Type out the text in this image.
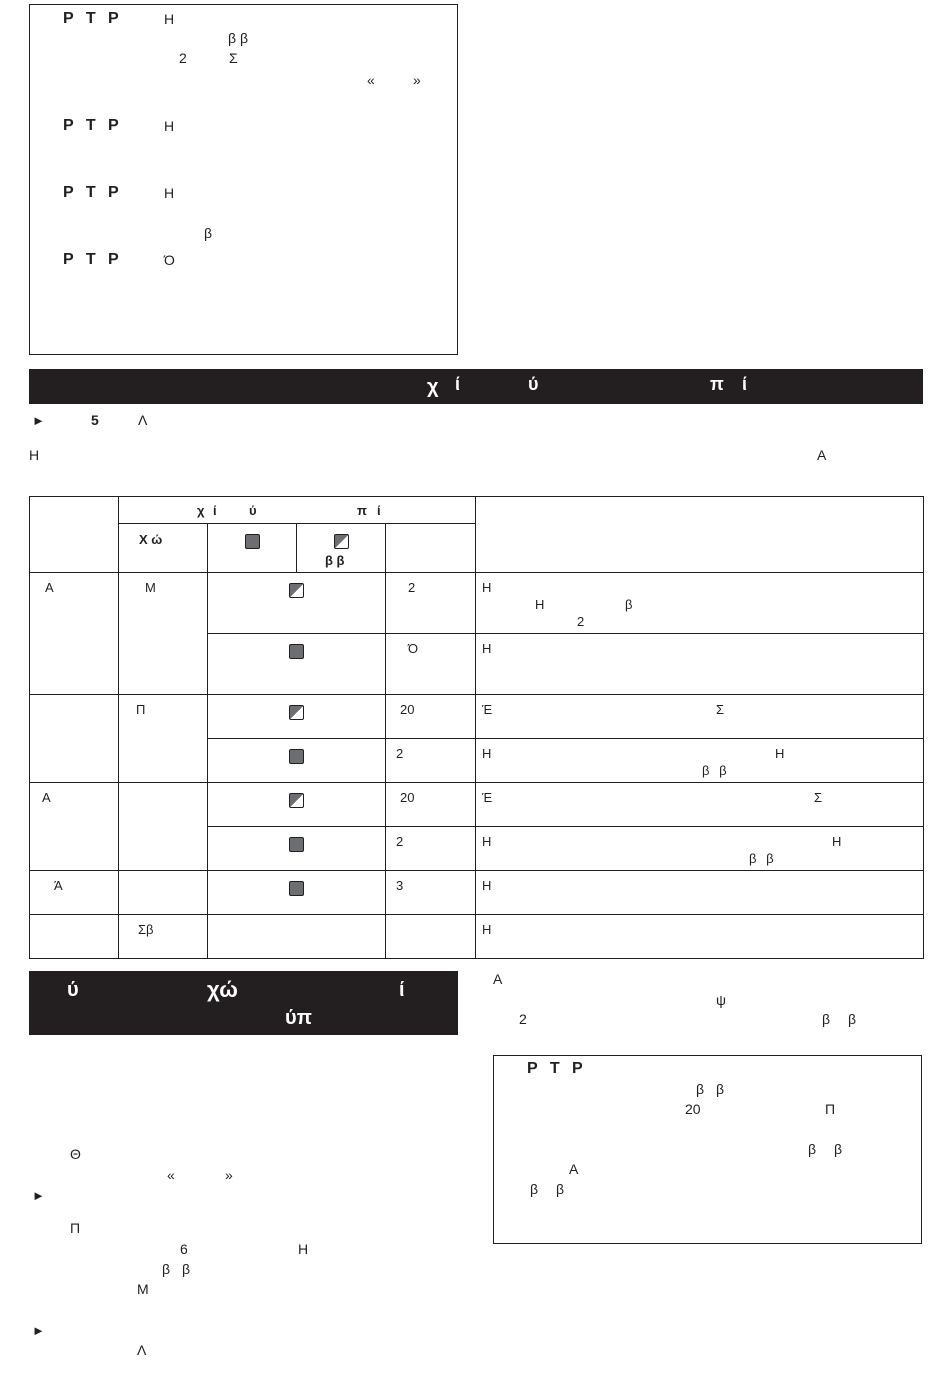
P T P	Η
β β
2	Σ
«	»
P T P	Η
P T P	Η
β
P T P	Ό
χ ί	ύ	π ί
►	5	Λ
Η	Α

	χ ί ύ π ί				

	Χ ώ		β β		

Α	Μ			2	Η
Η β
2

				Ό	Η
	Π			20	Έ Σ

				2	Η Η
β β

Α				20	Έ Σ

				2	Η Η
β β

Ά				3	Η
	Σβ				Η
ύ	χώ	ί
ύπ
Θ
«	»
►
Π
6	Η
β β
Μ
►
Λ
Α
ψ
2	β β
P T P
β β
20	Π
β β
Α
β β
